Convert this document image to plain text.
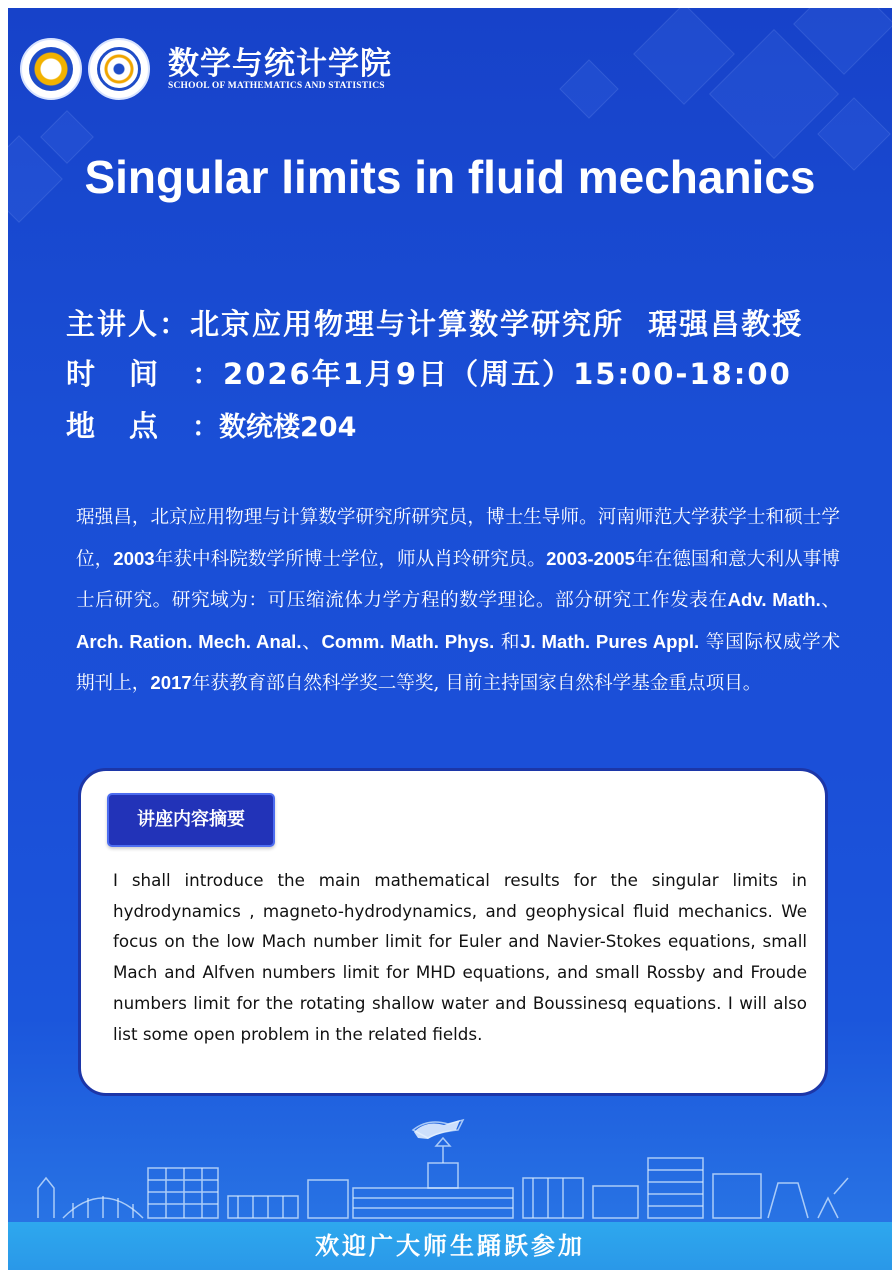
数学与统计学院
SCHOOL OF MATHEMATICS AND STATISTICS
Singular limits in fluid mechanics
主讲人：北京应用物理与计算数学研究所  琚强昌教授
时间：2026年1月9日（周五）15:00-18:00
地点：数统楼204
琚强昌，北京应用物理与计算数学研究所研究员，博士生导师。河南师范大学获学士和硕士学位，2003年获中科院数学所博士学位，师从肖玲研究员。2003-2005年在德国和意大利从事博士后研究。研究域为：可压缩流体力学方程的数学理论。部分研究工作发表在Adv. Math.、Arch. Ration. Mech. Anal.、Comm. Math. Phys. 和J. Math. Pures Appl. 等国际权威学术期刊上，2017年获教育部自然科学奖二等奖, 目前主持国家自然科学基金重点项目。
讲座内容摘要
I shall introduce the main mathematical results for the singular limits in hydrodynamics , magneto-hydrodynamics, and geophysical fluid mechanics. We focus on the low Mach number limit for Euler and Navier-Stokes equations, small Mach and Alfven numbers limit for MHD equations, and small Rossby and Froude numbers limit for the rotating shallow water and Boussinesq equations. I will also list some open problem in the related fields.
欢迎广大师生踊跃参加
